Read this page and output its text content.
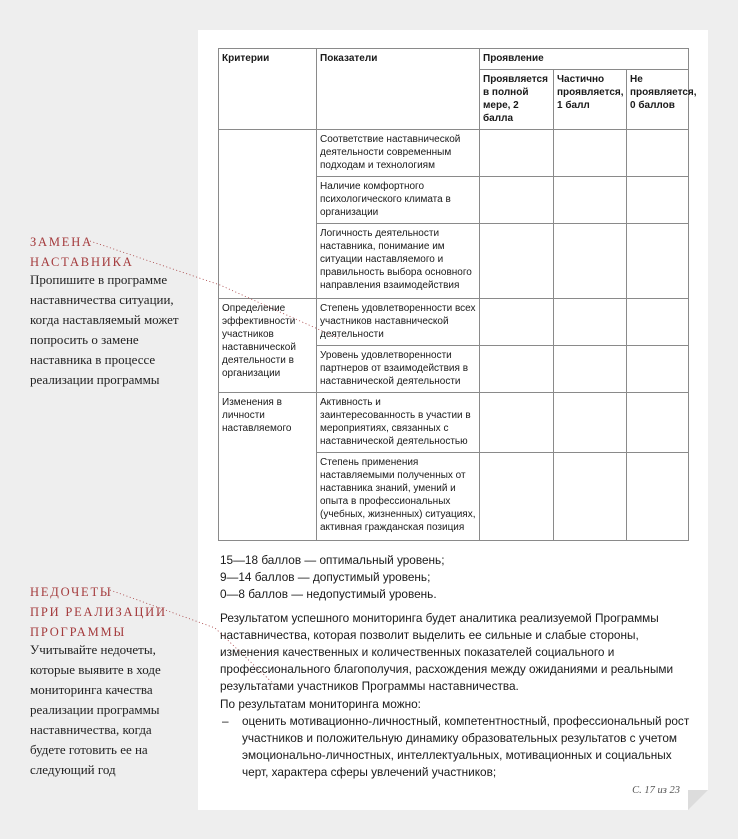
Критерии	Показатели	Проявление		
		Проявляется в полной мере, 2 балла	Частично проявляется, 1 балл	Не проявляется, 0 баллов
	Соответствие наставнической деятельности современным подходам и технологиям			
	Наличие комфортного психологического климата в организации			
	Логичность деятельности наставника, понимание им ситуации наставляемого и правильность выбора основного направления взаимодействия			
Определение эффективности участников наставнической деятельности в организации	Степень удовлетворенности всех участников наставнической деятельности			
	Уровень удовлетворенности партнеров от взаимодействия в наставнической деятельности			
Изменения в личности наставляемого	Активность и заинтересованность в участии в мероприятиях, связанных с наставнической деятельностью			
	Степень применения наставляемыми полученных от наставника знаний, умений и опыта в профессиональных (учебных, жизненных) ситуациях, активная гражданская позиция			
15—18 баллов — оптимальный уровень;
9—14 баллов — допустимый уровень;
0—8 баллов — недопустимый уровень.
Результатом успешного мониторинга будет аналитика реализуемой Программы наставничества, которая позволит выделить ее сильные и слабые стороны, изменения качественных и количественных показателей социального и профессионального благополучия, расхождения между ожиданиями и реальными результатами участников Программы наставничества.
По результатам мониторинга можно:
– оценить мотивационно-личностный, компетентностный, профессиональный рост участников и положительную динамику образовательных результатов с учетом эмоционально-личностных, интеллектуальных, мотивационных и социальных черт, характера сферы увлечений участников;
ЗАМЕНА
НАСТАВНИКА
Пропишите в программе наставничества ситуации, когда наставляемый может попросить о замене наставника в процессе реализации программы
НЕДОЧЕТЫ
ПРИ РЕАЛИЗАЦИИ
ПРОГРАММЫ
Учитывайте недочеты, которые выявите в ходе мониторинга качества реализации программы наставничества, когда будете готовить ее на следующий год
С. 17 из 23
